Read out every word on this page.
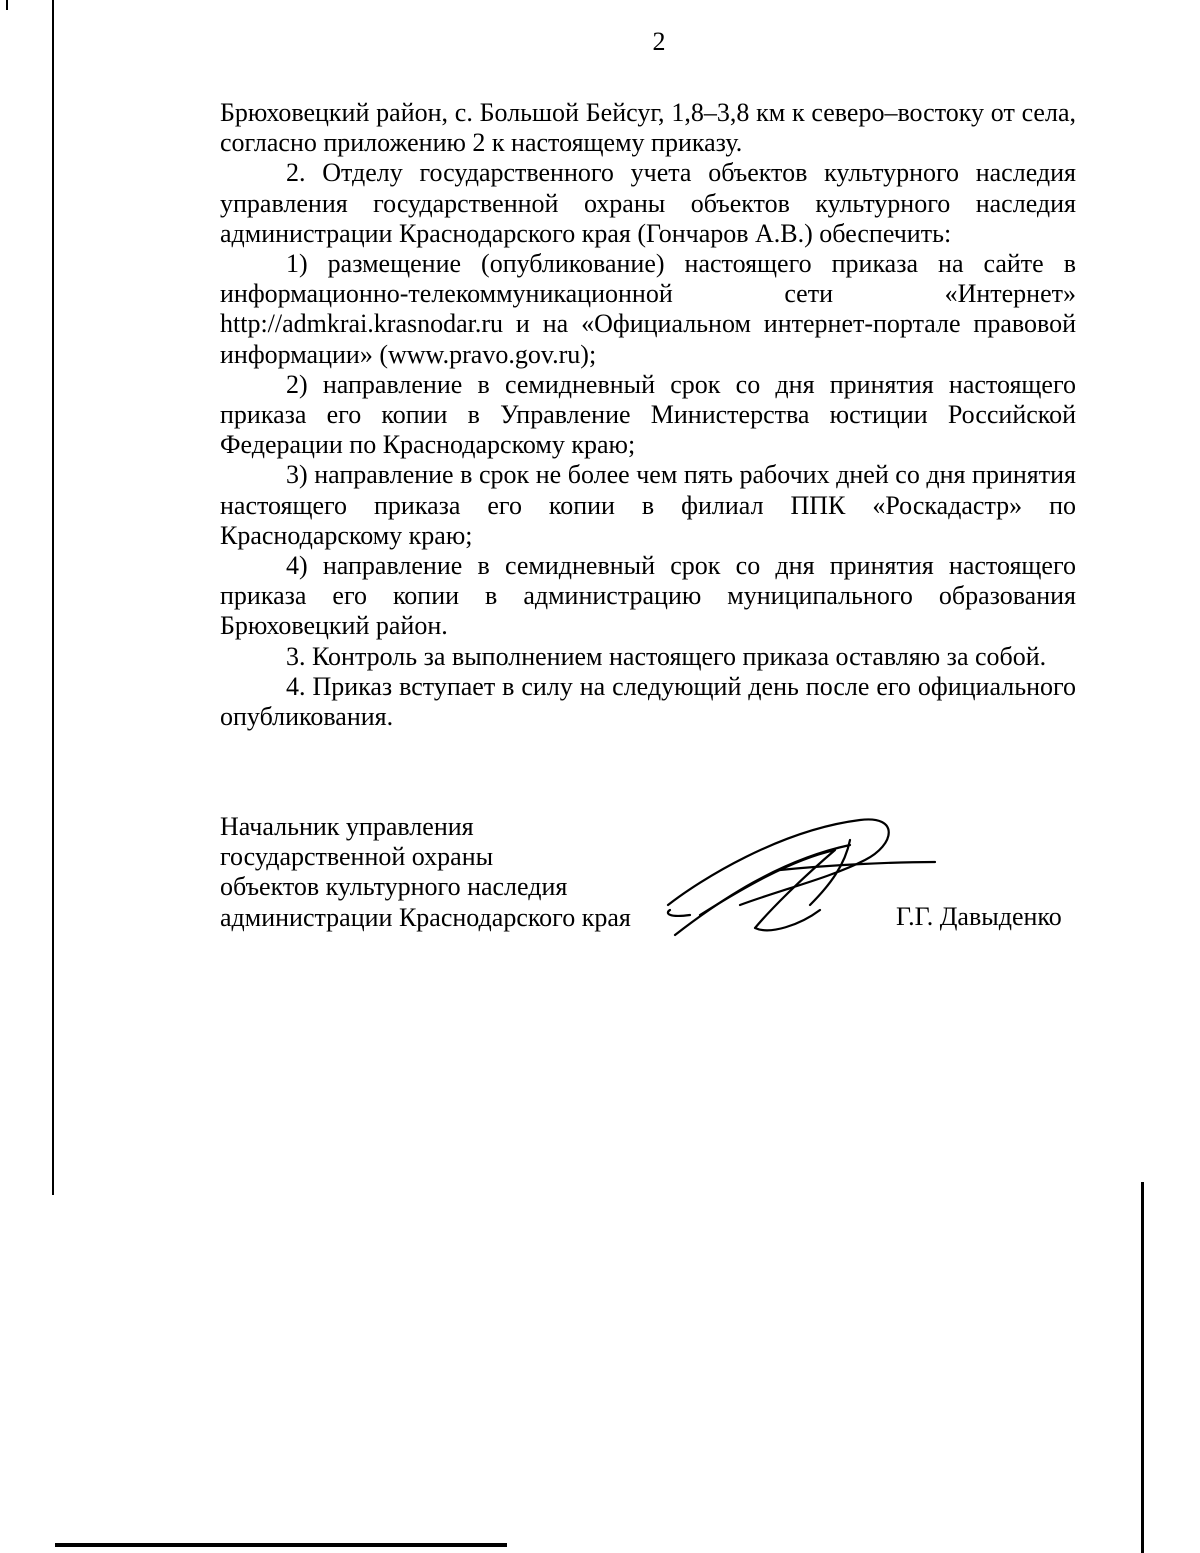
2

Брюховецкий район, с. Большой Бейсуг, 1,8–3,8 км к северо–востоку от села, согласно приложению 2 к настоящему приказу.

2. Отделу государственного учета объектов культурного наследия управления государственной охраны объектов культурного наследия администрации Краснодарского края (Гончаров А.В.) обеспечить:

1) размещение (опубликование) настоящего приказа на сайте в информационно-телекоммуникационной сети «Интернет» http://admkrai.krasnodar.ru и на «Официальном интернет-портале правовой информации» (www.pravo.gov.ru);

2) направление в семидневный срок со дня принятия настоящего приказа его копии в Управление Министерства юстиции Российской Федерации по Краснодарскому краю;

3) направление в срок не более чем пять рабочих дней со дня принятия настоящего приказа его копии в филиал ППК «Роскадастр» по Краснодарскому краю;

4) направление в семидневный срок со дня принятия настоящего приказа его копии в администрацию муниципального образования Брюховецкий район.

3. Контроль за выполнением настоящего приказа оставляю за собой.

4. Приказ вступает в силу на следующий день после его официального опубликования.

Начальник управления
государственной охраны
объектов культурного наследия
администрации Краснодарского края	Г.Г. Давыденко
